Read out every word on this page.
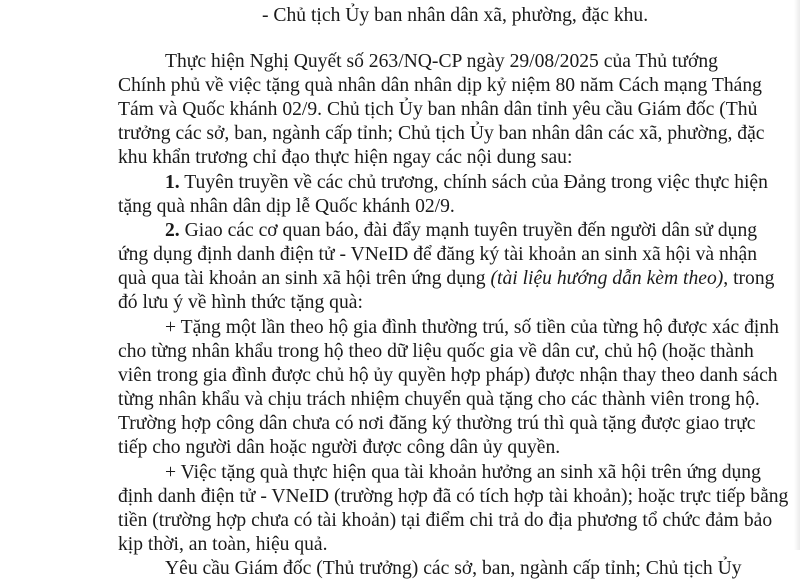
- Chủ tịch Ủy ban nhân dân xã, phường, đặc khu.
Thực hiện Nghị Quyết số 263/NQ-CP ngày 29/08/2025 của Thủ tướng
Chính phủ về việc tặng quà nhân dân nhân dịp kỷ niệm 80 năm Cách mạng Tháng
Tám và Quốc khánh 02/9. Chủ tịch Ủy ban nhân dân tỉnh yêu cầu Giám đốc (Thủ
trưởng các sở, ban, ngành cấp tỉnh; Chủ tịch Ủy ban nhân dân các xã, phường, đặc
khu khẩn trương chỉ đạo thực hiện ngay các nội dung sau:
1. Tuyên truyền về các chủ trương, chính sách của Đảng trong việc thực hiện
tặng quà nhân dân dịp lễ Quốc khánh 02/9.
2. Giao các cơ quan báo, đài đẩy mạnh tuyên truyền đến người dân sử dụng
ứng dụng định danh điện tử - VNeID để đăng ký tài khoản an sinh xã hội và nhận
quà qua tài khoản an sinh xã hội trên ứng dụng (tài liệu hướng dẫn kèm theo), trong
đó lưu ý về hình thức tặng quà:
+ Tặng một lần theo hộ gia đình thường trú, số tiền của từng hộ được xác định
cho từng nhân khẩu trong hộ theo dữ liệu quốc gia về dân cư, chủ hộ (hoặc thành
viên trong gia đình được chủ hộ ủy quyền hợp pháp) được nhận thay theo danh sách
từng nhân khẩu và chịu trách nhiệm chuyển quà tặng cho các thành viên trong hộ.
Trường hợp công dân chưa có nơi đăng ký thường trú thì quà tặng được giao trực
tiếp cho người dân hoặc người được công dân ủy quyền.
+ Việc tặng quà thực hiện qua tài khoản hưởng an sinh xã hội trên ứng dụng
định danh điện tử - VNeID (trường hợp đã có tích hợp tài khoản); hoặc trực tiếp bằng
tiền (trường hợp chưa có tài khoản) tại điểm chi trả do địa phương tổ chức đảm bảo
kịp thời, an toàn, hiệu quả.
Yêu cầu Giám đốc (Thủ trưởng) các sở, ban, ngành cấp tỉnh; Chủ tịch Ủy
